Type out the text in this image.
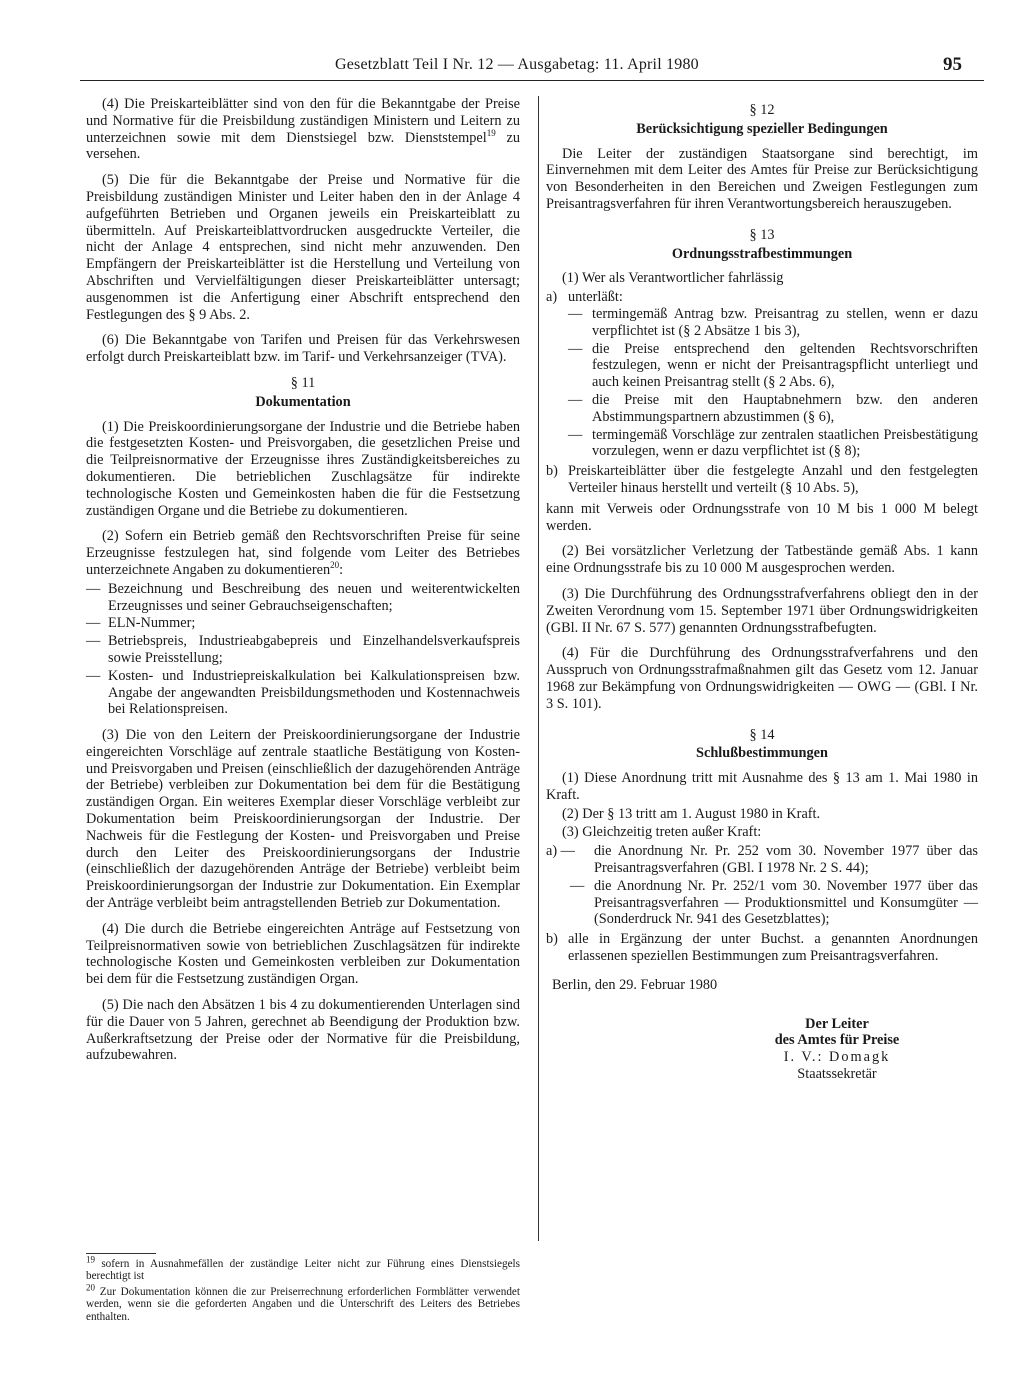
Gesetzblatt Teil I Nr. 12 — Ausgabetag: 11. April 1980	95

(4) Die Preiskarteiblätter sind von den für die Bekanntgabe der Preise und Normative für die Preisbildung zuständigen Ministern und Leitern zu unterzeichnen sowie mit dem Dienstsiegel bzw. Dienststempel$^{19}$ zu versehen.

(5) Die für die Bekanntgabe der Preise und Normative für die Preisbildung zuständigen Minister und Leiter haben den in der Anlage 4 aufgeführten Betrieben und Organen jeweils ein Preiskarteiblatt zu übermitteln. Auf Preiskarteiblattvordrucken ausgedruckte Verteiler, die nicht der Anlage 4 entsprechen, sind nicht mehr anzuwenden. Den Empfängern der Preiskarteiblätter ist die Herstellung und Verteilung von Abschriften und Vervielfältigungen dieser Preiskarteiblätter untersagt; ausgenommen ist die Anfertigung einer Abschrift entsprechend den Festlegungen des § 9 Abs. 2.

(6) Die Bekanntgabe von Tarifen und Preisen für das Verkehrswesen erfolgt durch Preiskarteiblatt bzw. im Tarif- und Verkehrsanzeiger (TVA).

§ 11
Dokumentation

(1) Die Preiskoordinierungsorgane der Industrie und die Betriebe haben die festgesetzten Kosten- und Preisvorgaben, die gesetzlichen Preise und die Teilpreisnormative der Erzeugnisse ihres Zuständigkeitsbereiches zu dokumentieren. Die betrieblichen Zuschlagsätze für indirekte technologische Kosten und Gemeinkosten haben die für die Festsetzung zuständigen Organe und die Betriebe zu dokumentieren.

(2) Sofern ein Betrieb gemäß den Rechtsvorschriften Preise für seine Erzeugnisse festzulegen hat, sind folgende vom Leiter des Betriebes unterzeichnete Angaben zu dokumentieren$^{20}$:

— Bezeichnung und Beschreibung des neuen und weiterentwickelten Erzeugnisses und seiner Gebrauchseigenschaften;
— ELN-Nummer;
— Betriebspreis, Industrieabgabepreis und Einzelhandelsverkaufspreis sowie Preisstellung;
— Kosten- und Industriepreiskalkulation bei Kalkulationspreisen bzw. Angabe der angewandten Preisbildungsmethoden und Kostennachweis bei Relationspreisen.

(3) Die von den Leitern der Preiskoordinierungsorgane der Industrie eingereichten Vorschläge auf zentrale staatliche Bestätigung von Kosten- und Preisvorgaben und Preisen (einschließlich der dazugehörenden Anträge der Betriebe) verbleiben zur Dokumentation bei dem für die Bestätigung zuständigen Organ. Ein weiteres Exemplar dieser Vorschläge verbleibt zur Dokumentation beim Preiskoordinierungsorgan der Industrie. Der Nachweis für die Festlegung der Kosten- und Preisvorgaben und Preise durch den Leiter des Preiskoordinierungsorgans der Industrie (einschließlich der dazugehörenden Anträge der Betriebe) verbleibt beim Preiskoordinierungsorgan der Industrie zur Dokumentation. Ein Exemplar der Anträge verbleibt beim antragstellenden Betrieb zur Dokumentation.

(4) Die durch die Betriebe eingereichten Anträge auf Festsetzung von Teilpreisnormativen sowie von betrieblichen Zuschlagsätzen für indirekte technologische Kosten und Gemeinkosten verbleiben zur Dokumentation bei dem für die Festsetzung zuständigen Organ.

(5) Die nach den Absätzen 1 bis 4 zu dokumentierenden Unterlagen sind für die Dauer von 5 Jahren, gerechnet ab Beendigung der Produktion bzw. Außerkraftsetzung der Preise oder der Normative für die Preisbildung, aufzubewahren.

$^{19}$ sofern in Ausnahmefällen der zuständige Leiter nicht zur Führung eines Dienstsiegels berechtigt ist

$^{20}$ Zur Dokumentation können die zur Preiserrechnung erforderlichen Formblätter verwendet werden, wenn sie die geforderten Angaben und die Unterschrift des Leiters des Betriebes enthalten.

§ 12
Berücksichtigung spezieller Bedingungen

Die Leiter der zuständigen Staatsorgane sind berechtigt, im Einvernehmen mit dem Leiter des Amtes für Preise zur Berücksichtigung von Besonderheiten in den Bereichen und Zweigen Festlegungen zum Preisantragsverfahren für ihren Verantwortungsbereich herauszugeben.

§ 13
Ordnungsstrafbestimmungen

(1) Wer als Verantwortlicher fahrlässig

a) unterläßt:
— termingemäß Antrag bzw. Preisantrag zu stellen, wenn er dazu verpflichtet ist (§ 2 Absätze 1 bis 3),
— die Preise entsprechend den geltenden Rechtsvorschriften festzulegen, wenn er nicht der Preisantragspflicht unterliegt und auch keinen Preisantrag stellt (§ 2 Abs. 6),
— die Preise mit den Hauptabnehmern bzw. den anderen Abstimmungspartnern abzustimmen (§ 6),
— termingemäß Vorschläge zur zentralen staatlichen Preisbestätigung vorzulegen, wenn er dazu verpflichtet ist (§ 8);
b) Preiskarteiblätter über die festgelegte Anzahl und den festgelegten Verteiler hinaus herstellt und verteilt (§ 10 Abs. 5),

kann mit Verweis oder Ordnungsstrafe von 10 M bis 1 000 M belegt werden.

(2) Bei vorsätzlicher Verletzung der Tatbestände gemäß Abs. 1 kann eine Ordnungsstrafe bis zu 10 000 M ausgesprochen werden.

(3) Die Durchführung des Ordnungsstrafverfahrens obliegt den in der Zweiten Verordnung vom 15. September 1971 über Ordnungswidrigkeiten (GBl. II Nr. 67 S. 577) genannten Ordnungsstrafbefugten.

(4) Für die Durchführung des Ordnungsstrafverfahrens und den Ausspruch von Ordnungsstrafmaßnahmen gilt das Gesetz vom 12. Januar 1968 zur Bekämpfung von Ordnungswidrigkeiten — OWG — (GBl. I Nr. 3 S. 101).

§ 14
Schlußbestimmungen

(1) Diese Anordnung tritt mit Ausnahme des § 13 am 1. Mai 1980 in Kraft.

(2) Der § 13 tritt am 1. August 1980 in Kraft.

(3) Gleichzeitig treten außer Kraft:

a) —	die Anordnung Nr. Pr. 252 vom 30. November 1977 über das Preisantragsverfahren (GBl. I 1978 Nr. 2 S. 44);
— die Anordnung Nr. Pr. 252/1 vom 30. November 1977 über das Preisantragsverfahren — Produktionsmittel und Konsumgüter — (Sonderdruck Nr. 941 des Gesetzblattes);
b) alle in Ergänzung der unter Buchst. a genannten Anordnungen erlassenen speziellen Bestimmungen zum Preisantragsverfahren.
Berlin, den 29. Februar 1980
Der Leiter
des Amtes für Preise
I. V.: Domagk
Staatssekretär
